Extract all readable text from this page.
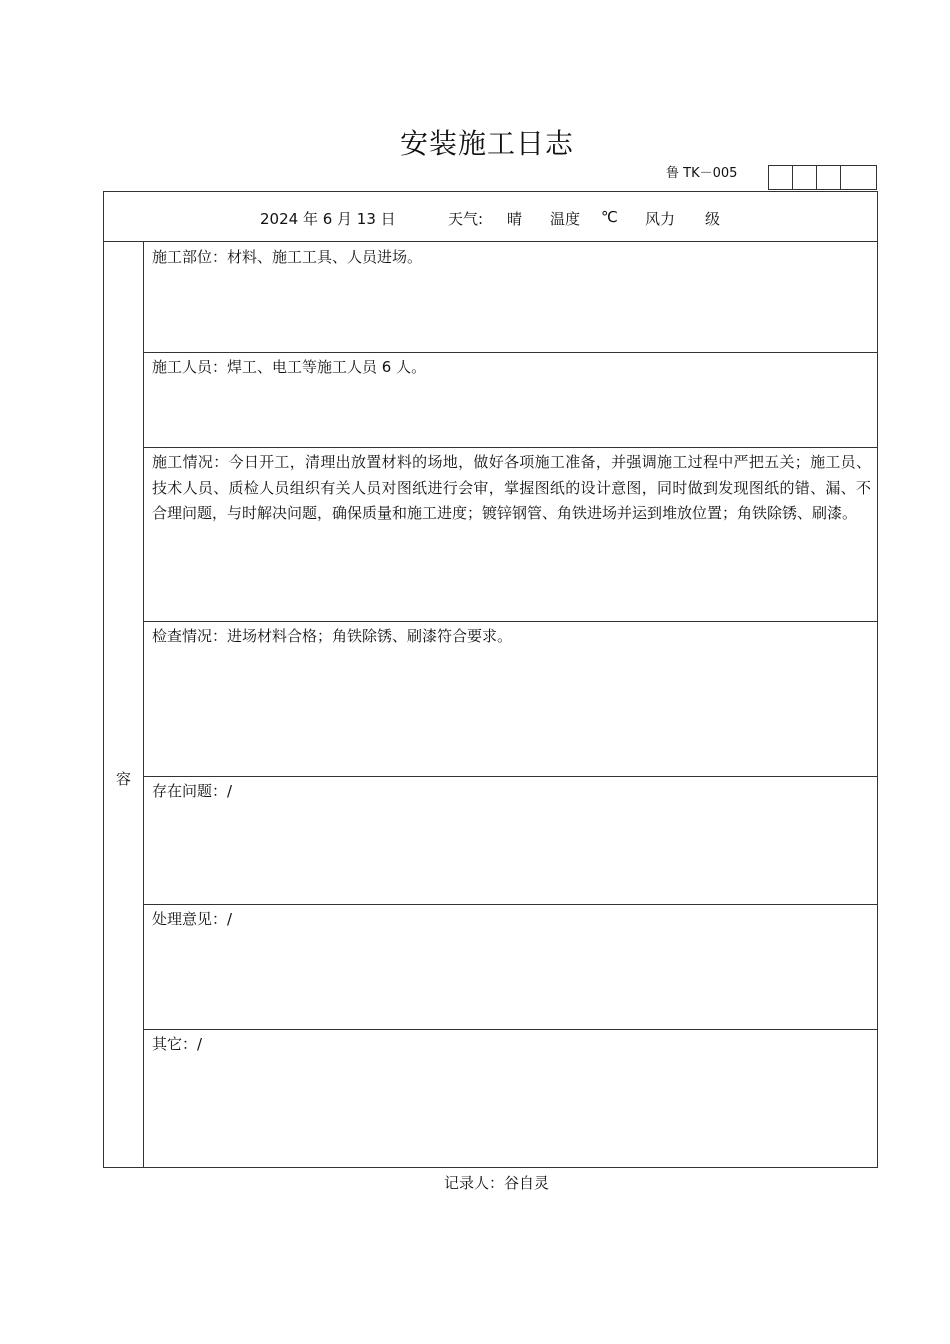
安装施工日志
鲁 TK－005
2024 年 6 月 13 日	天气: 晴 温度 ℃ 风力 级
容
施工部位：材料、施工工具、人员进场。
施工人员：焊工、电工等施工人员 6 人。
施工情况：今日开工，清理出放置材料的场地，做好各项施工准备，并强调施工过程中严把五关；施工员、技术人员、质检人员组织有关人员对图纸进行会审，掌握图纸的设计意图，同时做到发现图纸的错、漏、不合理问题，与时解决问题，确保质量和施工进度；镀锌钢管、角铁进场并运到堆放位置；角铁除锈、刷漆。
检查情况：进场材料合格；角铁除锈、刷漆符合要求。
存在问题：/
处理意见：/
其它：/
记录人：谷自灵
